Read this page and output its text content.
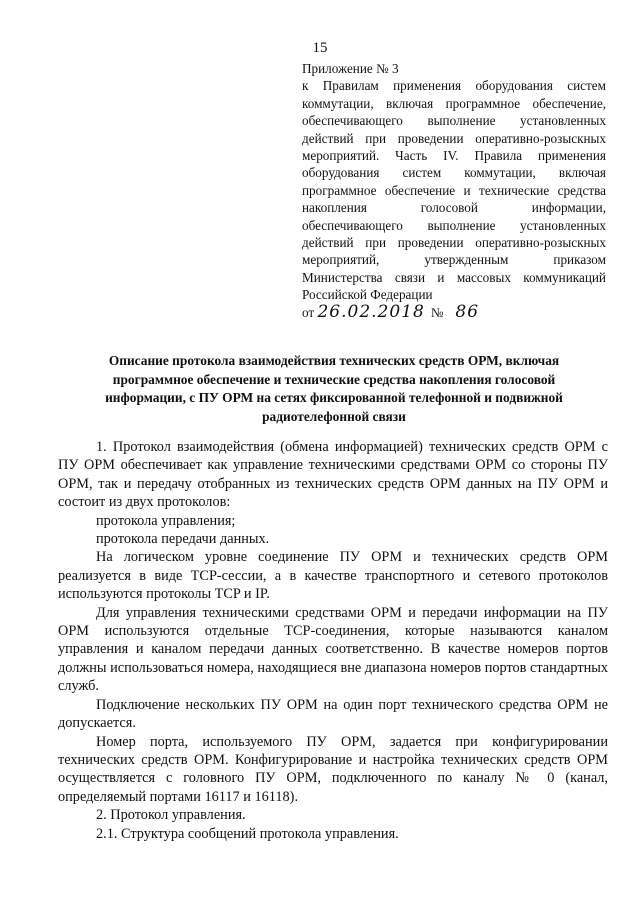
15
Приложение № 3
к Правилам применения оборудования систем коммутации, включая программное обеспечение, обеспечивающего выполнение установленных действий при проведении оперативно-розыскных мероприятий. Часть IV. Правила применения оборудования систем коммутации, включая программное обеспечение и технические средства накопления голосовой информации, обеспечивающего выполнение установленных действий при проведении оперативно-розыскных мероприятий, утвержденным приказом Министерства связи и массовых коммуникаций Российской Федерации
от
26.02.2018 № 86
Описание протокола взаимодействия технических средств ОРМ, включая программное обеспечение и технические средства накопления голосовой информации, с ПУ ОРМ на сетях фиксированной телефонной и подвижной радиотелефонной связи

1. Протокол взаимодействия (обмена информацией) технических средств ОРМ с ПУ ОРМ обеспечивает как управление техническими средствами ОРМ со стороны ПУ ОРМ, так и передачу отобранных из технических средств ОРМ данных на ПУ ОРМ и состоит из двух протоколов:

протокола управления;

протокола передачи данных.

На логическом уровне соединение ПУ ОРМ и технических средств ОРМ реализуется в виде TCP-сессии, а в качестве транспортного и сетевого протоколов используются протоколы TCP и IP.

Для управления техническими средствами ОРМ и передачи информации на ПУ ОРМ используются отдельные TCP-соединения, которые называются каналом управления и каналом передачи данных соответственно. В качестве номеров портов должны использоваться номера, находящиеся вне диапазона номеров портов стандартных служб.

Подключение нескольких ПУ ОРМ на один порт технического средства ОРМ не допускается.

Номер порта, используемого ПУ ОРМ, задается при конфигурировании технических средств ОРМ. Конфигурирование и настройка технических средств ОРМ осуществляется с головного ПУ ОРМ, подключенного по каналу № 0 (канал, определяемый портами 16117 и 16118).

2. Протокол управления.

2.1. Структура сообщений протокола управления.
